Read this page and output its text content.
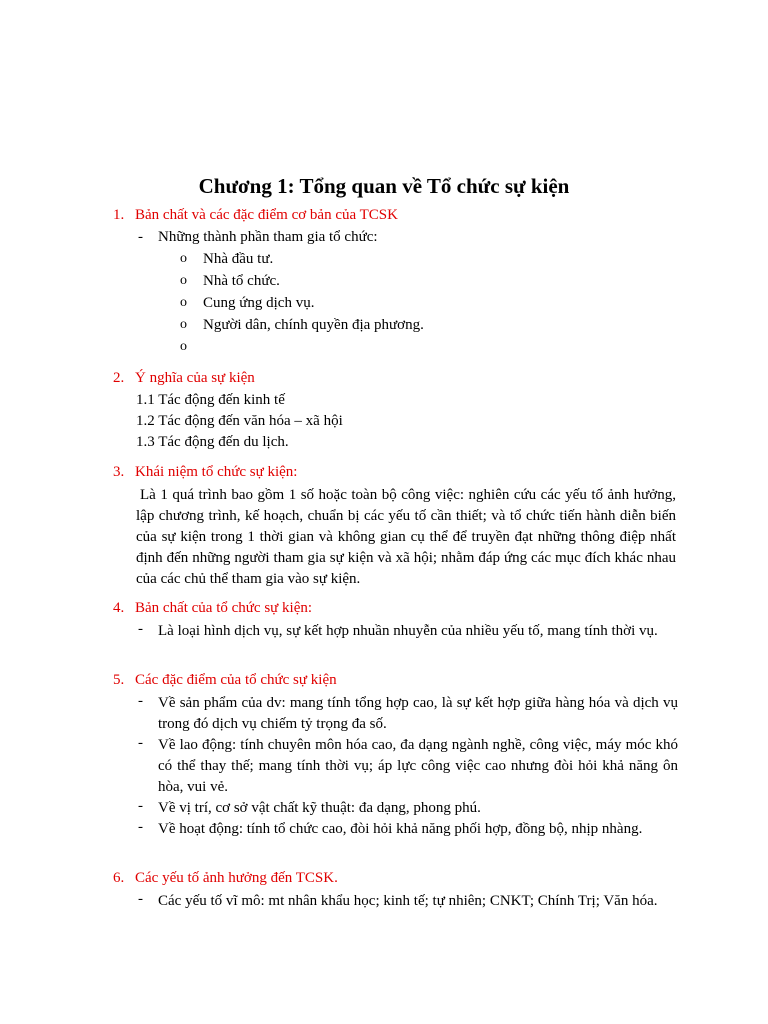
Chương 1: Tổng quan về Tổ chức sự kiện
1. Bản chất và các đặc điểm cơ bản của TCSK
- Những thành phần tham gia tổ chức:
o Nhà đầu tư.
o Nhà tổ chức.
o Cung ứng dịch vụ.
o Người dân, chính quyền địa phương.
o
2. Ý nghĩa của sự kiện
1.1 Tác động đến kinh tế
1.2 Tác động đến văn hóa – xã hội
1.3 Tác động đến du lịch.
3. Khái niệm tổ chức sự kiện:
Là 1 quá trình bao gồm 1 số hoặc toàn bộ công việc: nghiên cứu các yếu tố ảnh hưởng, lập chương trình, kế hoạch, chuẩn bị các yếu tố cần thiết; và tổ chức tiến hành diễn biến của sự kiện trong 1 thời gian và không gian cụ thể để truyền đạt những thông điệp nhất định đến những người tham gia sự kiện và xã hội; nhằm đáp ứng các mục đích khác nhau của các chủ thể tham gia vào sự kiện.
4. Bản chất của tổ chức sự kiện:
- Là loại hình dịch vụ, sự kết hợp nhuần nhuyễn của nhiều yếu tố, mang tính thời vụ.
5. Các đặc điểm của tổ chức sự kiện
- Về sản phẩm của dv: mang tính tổng hợp cao, là sự kết hợp giữa hàng hóa và dịch vụ trong đó dịch vụ chiếm tỷ trọng đa số.
- Về lao động: tính chuyên môn hóa cao, đa dạng ngành nghề, công việc, máy móc khó có thể thay thế; mang tính thời vụ; áp lực công việc cao nhưng đòi hỏi khả năng ôn hòa, vui vẻ.
- Về vị trí, cơ sở vật chất kỹ thuật: đa dạng, phong phú.
- Về hoạt động: tính tổ chức cao, đòi hỏi khả năng phối hợp, đồng bộ, nhịp nhàng.
6. Các yếu tố ảnh hưởng đến TCSK.
- Các yếu tố vĩ mô: mt nhân khẩu học; kinh tế; tự nhiên; CNKT; Chính Trị; Văn hóa.
